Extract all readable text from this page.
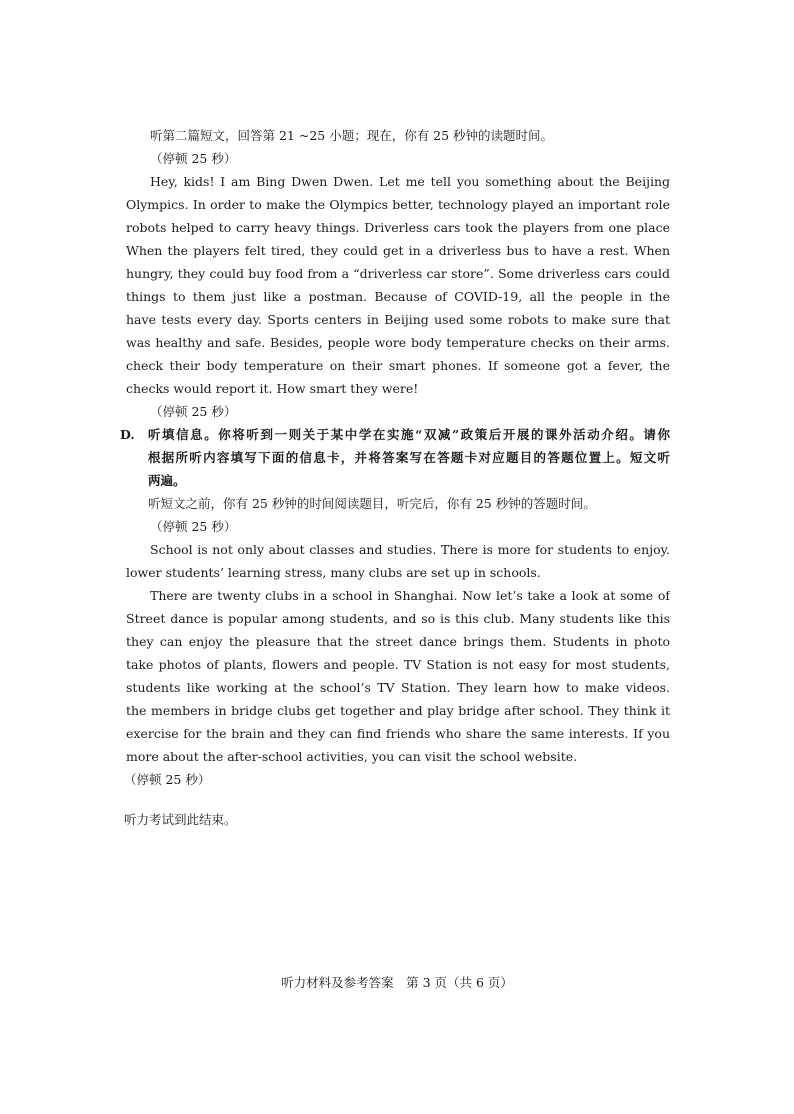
听第二篇短文，回答第 21 ~25 小题；现在，你有 25 秒钟的读题时间。
（停顿 25 秒）
Hey, kids! I am Bing Dwen Dwen. Let me tell you something about the Beijing
Olympics. In order to make the Olympics better, technology played an important role
robots helped to carry heavy things. Driverless cars took the players from one place
When the players felt tired, they could get in a driverless bus to have a rest. When
hungry, they could buy food from a “driverless car store”. Some driverless cars could
things to them just like a postman. Because of COVID-19, all the people in the
have tests every day. Sports centers in Beijing used some robots to make sure that
was healthy and safe. Besides, people wore body temperature checks on their arms.
check their body temperature on their smart phones. If someone got a fever, the
checks would report it. How smart they were!
（停顿 25 秒）
D. 听填信息。你将听到一则关于某中学在实施“双减”政策后开展的课外活动介绍。请你
根据所听内容填写下面的信息卡，并将答案写在答题卡对应题目的答题位置上。短文听
两遍。
听短文之前，你有 25 秒钟的时间阅读题目，听完后，你有 25 秒钟的答题时间。
（停顿 25 秒）
School is not only about classes and studies. There is more for students to enjoy.
lower students’ learning stress, many clubs are set up in schools.
There are twenty clubs in a school in Shanghai. Now let’s take a look at some of
Street dance is popular among students, and so is this club. Many students like this
they can enjoy the pleasure that the street dance brings them. Students in photo
take photos of plants, flowers and people. TV Station is not easy for most students,
students like working at the school’s TV Station. They learn how to make videos.
the members in bridge clubs get together and play bridge after school. They think it
exercise for the brain and they can find friends who share the same interests. If you
more about the after-school activities, you can visit the school website.
（停顿 25 秒）
听力考试到此结束。
听力材料及参考答案　第 3 页（共 6 页）
